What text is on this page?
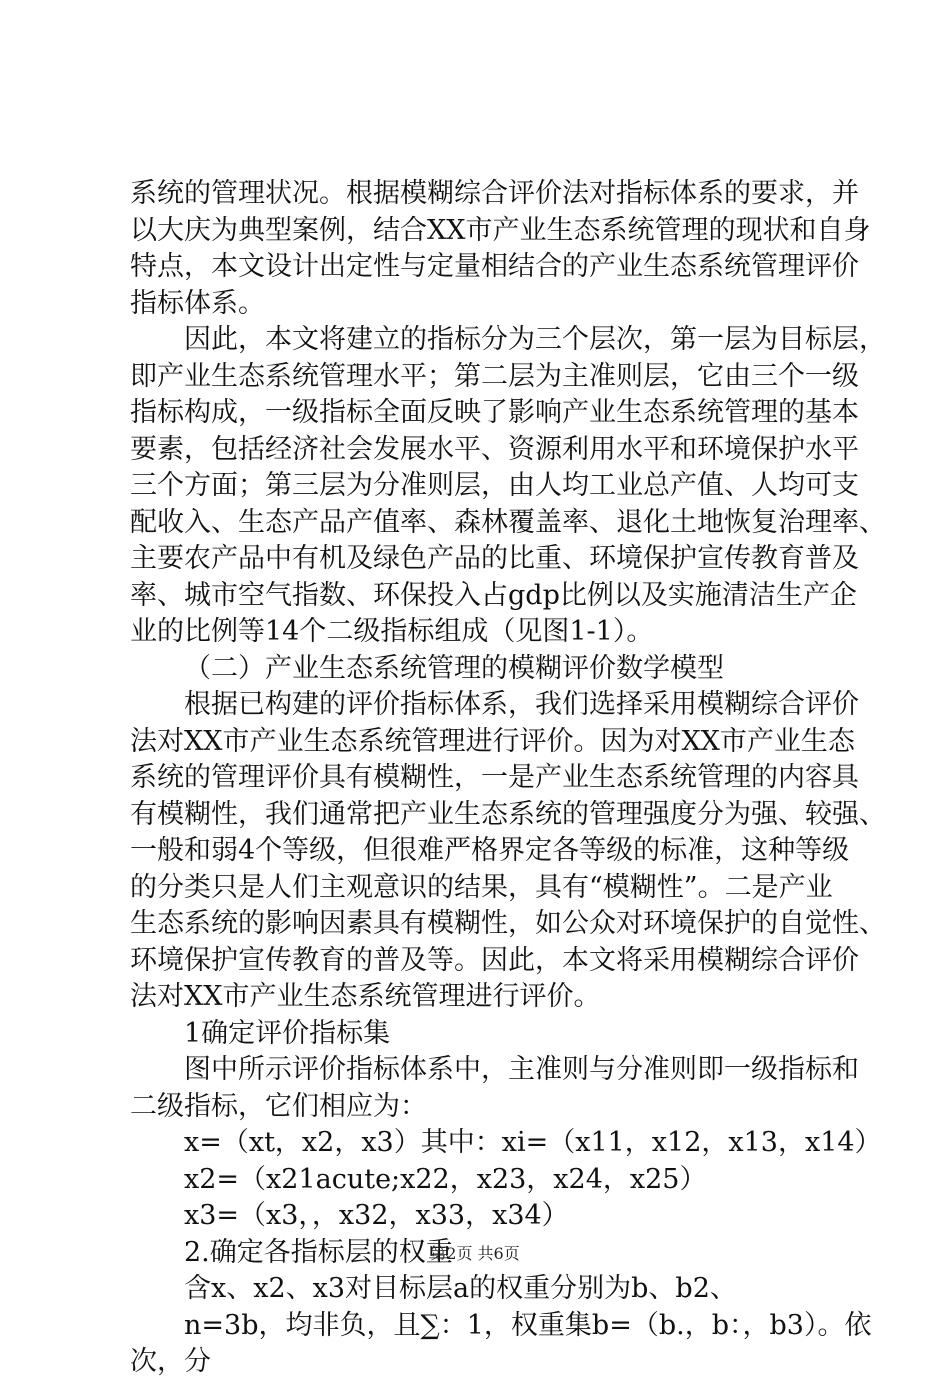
系统的管理状况。根据模糊综合评价法对指标体系的要求，并
以大庆为典型案例，结合XX市产业生态系统管理的现状和自身
特点，本文设计出定性与定量相结合的产业生态系统管理评价
指标体系。
因此，本文将建立的指标分为三个层次，第一层为目标层，
即产业生态系统管理水平；第二层为主准则层，它由三个一级
指标构成，一级指标全面反映了影响产业生态系统管理的基本
要素，包括经济社会发展水平、资源利用水平和环境保护水平
三个方面；第三层为分准则层，由人均工业总产值、人均可支
配收入、生态产品产值率、森林覆盖率、退化土地恢复治理率、
主要农产品中有机及绿色产品的比重、环境保护宣传教育普及
率、城市空气指数、环保投入占gdp比例以及实施清洁生产企
业的比例等14个二级指标组成（见图1-1）。
（二）产业生态系统管理的模糊评价数学模型
根据已构建的评价指标体系，我们选择采用模糊综合评价
法对XX市产业生态系统管理进行评价。因为对XX市产业生态
系统的管理评价具有模糊性，一是产业生态系统管理的内容具
有模糊性，我们通常把产业生态系统的管理强度分为强、较强、
一般和弱4个等级，但很难严格界定各等级的标准，这种等级
的分类只是人们主观意识的结果，具有“模糊性”。二是产业
生态系统的影响因素具有模糊性，如公众对环境保护的自觉性、
环境保护宣传教育的普及等。因此，本文将采用模糊综合评价
法对XX市产业生态系统管理进行评价。
1确定评价指标集
图中所示评价指标体系中，主准则与分准则即一级指标和
二级指标，它们相应为：
x=（xt，x2，x3）其中：xi=（x11，x12，x13，x14）
x2=（x21acute;x22，x23，x24，x25）
x3=（x3，，x32，x33，x34）
2.确定各指标层的权重
含x、x2、x3对目标层a的权重分别为b、b2、
n=3b，均非负，且∑：1，权重集b=（b.，b：，b3）。依
次，分
第2页 共6页
